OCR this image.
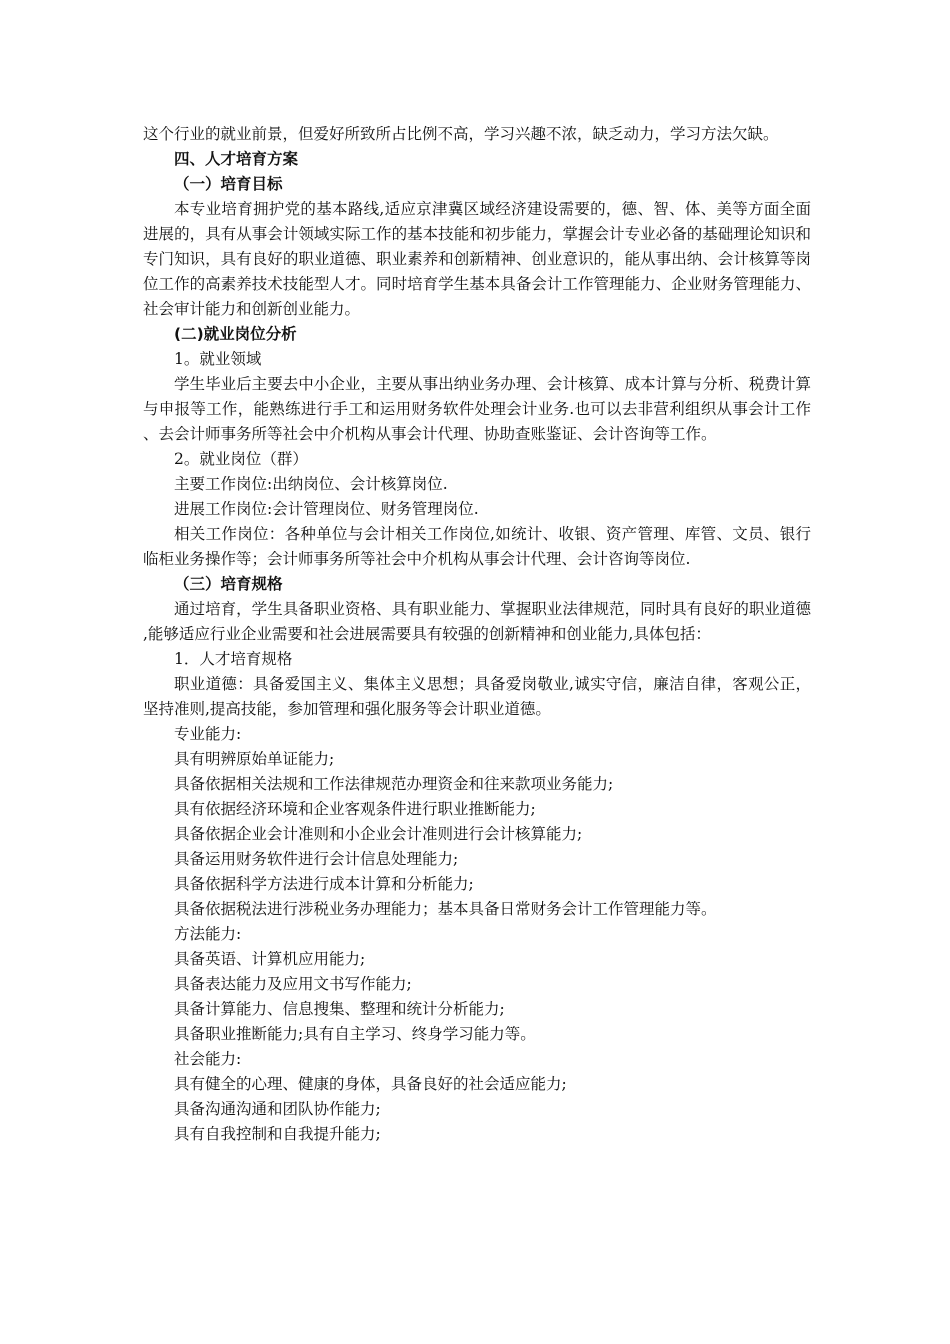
这个行业的就业前景，但爱好所致所占比例不高，学习兴趣不浓，缺乏动力，学习方法欠缺。
四、人才培育方案
（一）培育目标
本专业培育拥护党的基本路线,适应京津冀区域经济建设需要的，德、智、体、美等方面全面进展的，具有从事会计领域实际工作的基本技能和初步能力，掌握会计专业必备的基础理论知识和专门知识，具有良好的职业道德、职业素养和创新精神、创业意识的，能从事出纳、会计核算等岗位工作的高素养技术技能型人才。同时培育学生基本具备会计工作管理能力、企业财务管理能力、社会审计能力和创新创业能力。
(二)就业岗位分析
1。就业领域
学生毕业后主要去中小企业，主要从事出纳业务办理、会计核算、成本计算与分析、税费计算与申报等工作，能熟练进行手工和运用财务软件处理会计业务.也可以去非营利组织从事会计工作、去会计师事务所等社会中介机构从事会计代理、协助查账鉴证、会计咨询等工作。
2。就业岗位（群）
主要工作岗位:出纳岗位、会计核算岗位.
进展工作岗位:会计管理岗位、财务管理岗位.
相关工作岗位：各种单位与会计相关工作岗位,如统计、收银、资产管理、库管、文员、银行临柜业务操作等；会计师事务所等社会中介机构从事会计代理、会计咨询等岗位.
（三）培育规格
通过培育，学生具备职业资格、具有职业能力、掌握职业法律规范，同时具有良好的职业道德,能够适应行业企业需要和社会进展需要具有较强的创新精神和创业能力,具体包括：
1．人才培育规格
职业道德：具备爱国主义、集体主义思想；具备爱岗敬业,诚实守信，廉洁自律，客观公正，坚持准则,提高技能，参加管理和强化服务等会计职业道德。
专业能力:
具有明辨原始单证能力;
具备依据相关法规和工作法律规范办理资金和往来款项业务能力;
具有依据经济环境和企业客观条件进行职业推断能力;
具备依据企业会计准则和小企业会计准则进行会计核算能力;
具备运用财务软件进行会计信息处理能力;
具备依据科学方法进行成本计算和分析能力;
具备依据税法进行涉税业务办理能力；基本具备日常财务会计工作管理能力等。
方法能力:
具备英语、计算机应用能力;
具备表达能力及应用文书写作能力;
具备计算能力、信息搜集、整理和统计分析能力;
具备职业推断能力;具有自主学习、终身学习能力等。
社会能力:
具有健全的心理、健康的身体，具备良好的社会适应能力;
具备沟通沟通和团队协作能力;
具有自我控制和自我提升能力;
